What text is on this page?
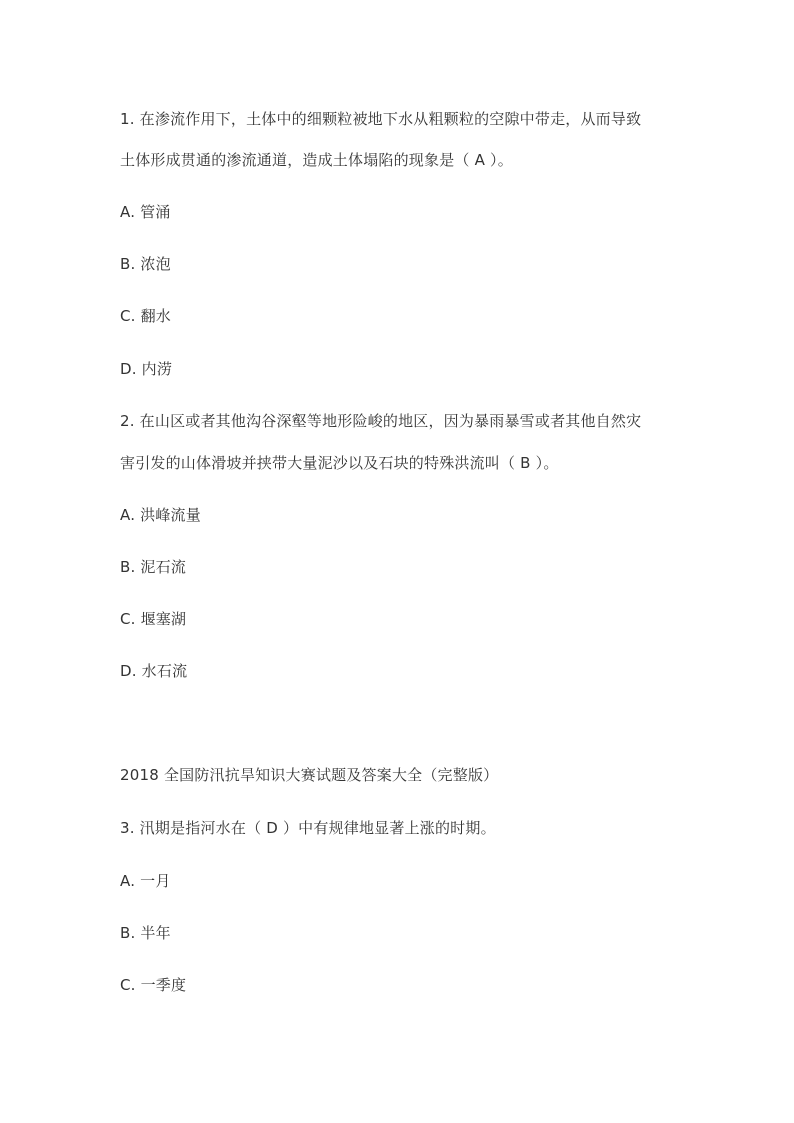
1. 在渗流作用下，土体中的细颗粒被地下水从粗颗粒的空隙中带走，从而导致
土体形成贯通的渗流通道，造成土体塌陷的现象是（ A ）。
A. 管涌
B. 浓泡
C. 翻水
D. 内涝
2. 在山区或者其他沟谷深壑等地形险峻的地区，因为暴雨暴雪或者其他自然灾
害引发的山体滑坡并挟带大量泥沙以及石块的特殊洪流叫（ B ）。
A. 洪峰流量
B. 泥石流
C. 堰塞湖
D. 水石流
2018 全国防汛抗旱知识大赛试题及答案大全（完整版）
3. 汛期是指河水在（ D ）中有规律地显著上涨的时期。
A. 一月
B. 半年
C. 一季度
